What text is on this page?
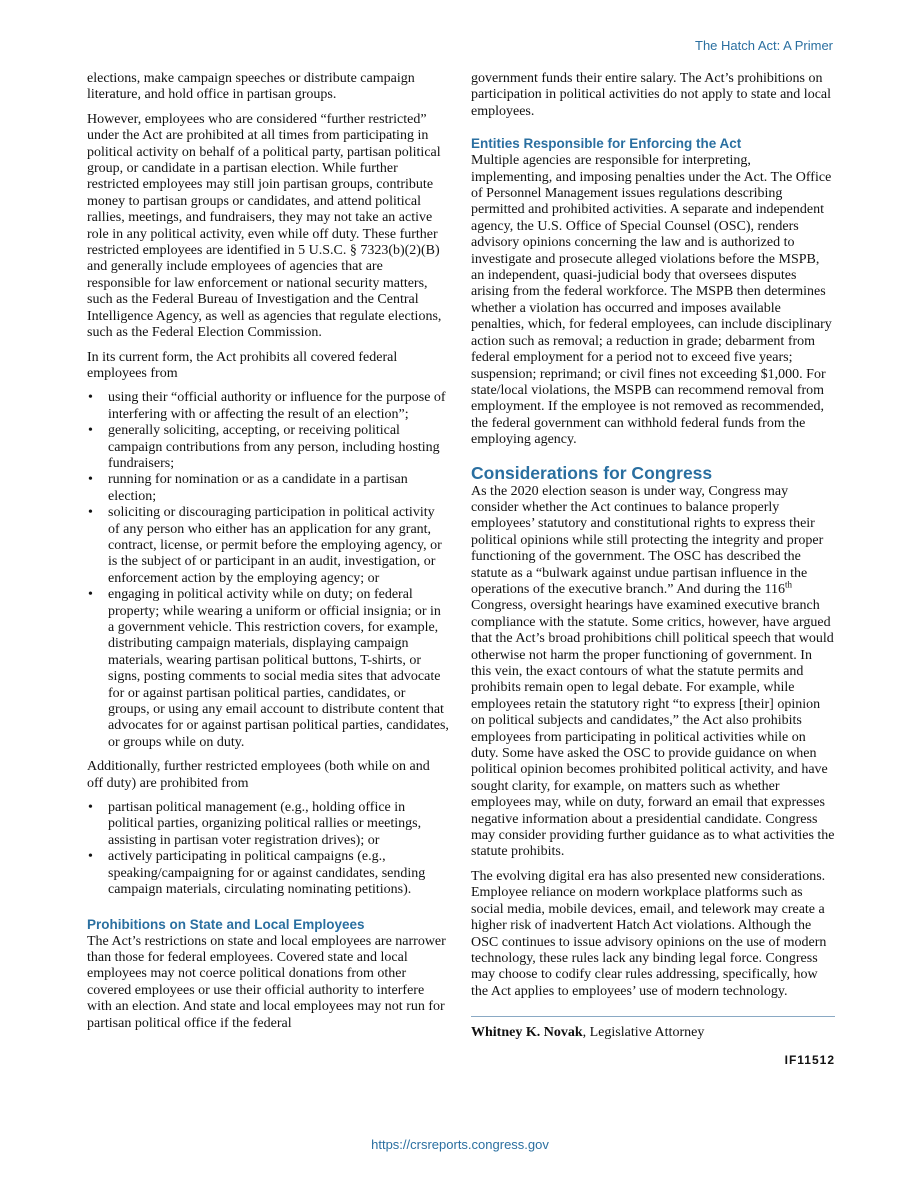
The Hatch Act: A Primer

elections, make campaign speeches or distribute campaign literature, and hold office in partisan groups.

However, employees who are considered “further restricted” under the Act are prohibited at all times from participating in political activity on behalf of a political party, partisan political group, or candidate in a partisan election. While further restricted employees may still join partisan groups, contribute money to partisan groups or candidates, and attend political rallies, meetings, and fundraisers, they may not take an active role in any political activity, even while off duty. These further restricted employees are identified in 5 U.S.C. § 7323(b)(2)(B) and generally include employees of agencies that are responsible for law enforcement or national security matters, such as the Federal Bureau of Investigation and the Central Intelligence Agency, as well as agencies that regulate elections, such as the Federal Election Commission.

In its current form, the Act prohibits all covered federal employees from

• using their “official authority or influence for the purpose of interfering with or affecting the result of an election”;
• generally soliciting, accepting, or receiving political campaign contributions from any person, including hosting fundraisers;
• running for nomination or as a candidate in a partisan election;
• soliciting or discouraging participation in political activity of any person who either has an application for any grant, contract, license, or permit before the employing agency, or is the subject of or participant in an audit, investigation, or enforcement action by the employing agency; or
• engaging in political activity while on duty; on federal property; while wearing a uniform or official insignia; or in a government vehicle. This restriction covers, for example, distributing campaign materials, displaying campaign materials, wearing partisan political buttons, T-shirts, or signs, posting comments to social media sites that advocate for or against partisan political parties, candidates, or groups, or using any email account to distribute content that advocates for or against partisan political parties, candidates, or groups while on duty.

Additionally, further restricted employees (both while on and off duty) are prohibited from

• partisan political management (e.g., holding office in political parties, organizing political rallies or meetings, assisting in partisan voter registration drives); or
• actively participating in political campaigns (e.g., speaking/campaigning for or against candidates, sending campaign materials, circulating nominating petitions).
Prohibitions on State and Local Employees

The Act’s restrictions on state and local employees are narrower than those for federal employees. Covered state and local employees may not coerce political donations from other covered employees or use their official authority to interfere with an election. And state and local employees may not run for partisan political office if the federal

government funds their entire salary. The Act’s prohibitions on participation in political activities do not apply to state and local employees.

Entities Responsible for Enforcing the Act

Multiple agencies are responsible for interpreting, implementing, and imposing penalties under the Act. The Office of Personnel Management issues regulations describing permitted and prohibited activities. A separate and independent agency, the U.S. Office of Special Counsel (OSC), renders advisory opinions concerning the law and is authorized to investigate and prosecute alleged violations before the MSPB, an independent, quasi-judicial body that oversees disputes arising from the federal workforce. The MSPB then determines whether a violation has occurred and imposes available penalties, which, for federal employees, can include disciplinary action such as removal; a reduction in grade; debarment from federal employment for a period not to exceed five years; suspension; reprimand; or civil fines not exceeding $1,000. For state/local violations, the MSPB can recommend removal from employment. If the employee is not removed as recommended, the federal government can withhold federal funds from the employing agency.

Considerations for Congress

As the 2020 election season is under way, Congress may consider whether the Act continues to balance properly employees’ statutory and constitutional rights to express their political opinions while still protecting the integrity and proper functioning of the government. The OSC has described the statute as a “bulwark against undue partisan influence in the operations of the executive branch.” And during the 116th Congress, oversight hearings have examined executive branch compliance with the statute. Some critics, however, have argued that the Act’s broad prohibitions chill political speech that would otherwise not harm the proper functioning of government. In this vein, the exact contours of what the statute permits and prohibits remain open to legal debate. For example, while employees retain the statutory right “to express [their] opinion on political subjects and candidates,” the Act also prohibits employees from participating in political activities while on duty. Some have asked the OSC to provide guidance on when political opinion becomes prohibited political activity, and have sought clarity, for example, on matters such as whether employees may, while on duty, forward an email that expresses negative information about a presidential candidate. Congress may consider providing further guidance as to what activities the statute prohibits.

The evolving digital era has also presented new considerations. Employee reliance on modern workplace platforms such as social media, mobile devices, email, and telework may create a higher risk of inadvertent Hatch Act violations. Although the OSC continues to issue advisory opinions on the use of modern technology, these rules lack any binding legal force. Congress may choose to codify clear rules addressing, specifically, how the Act applies to employees’ use of modern technology.

Whitney K. Novak, Legislative Attorney

IF11512
https://crsreports.congress.gov
